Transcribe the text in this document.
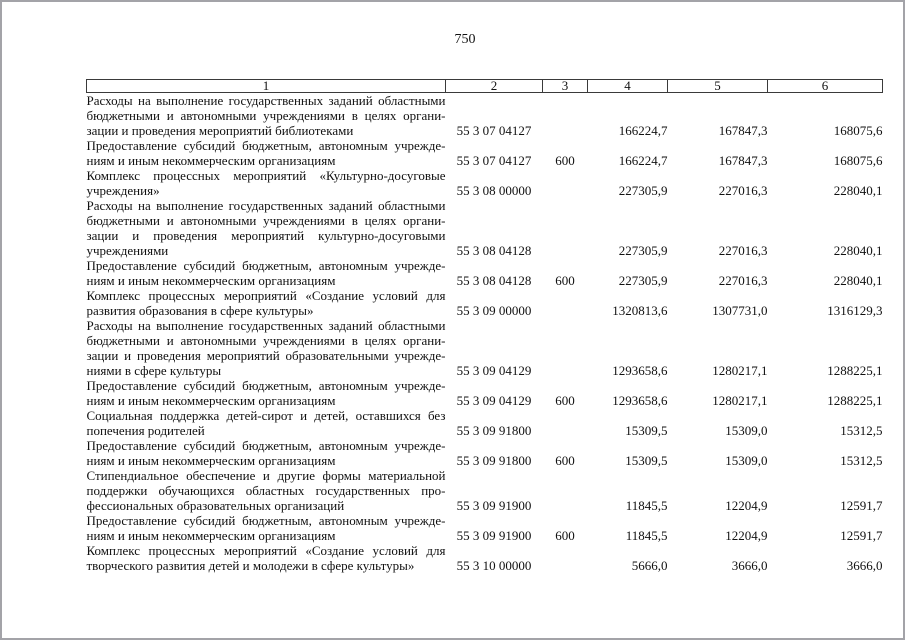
750
1	2	3	4	5	6

Расходы на выполнение государственных заданий областными
бюджетными и автономными учреждениями в целях органи-
зации и проведения мероприятий библиотеками	55 3 07 04127		166224,7	167847,3	168075,6

Предоставление субсидий бюджетным, автономным учрежде-
ниям и иным некоммерческим организациям	55 3 07 04127	600	166224,7	167847,3	168075,6

Комплекс процессных мероприятий «Культурно-досуговые
учреждения»	55 3 08 00000		227305,9	227016,3	228040,1

Расходы на выполнение государственных заданий областными
бюджетными и автономными учреждениями в целях органи-
зации и проведения мероприятий культурно-досуговыми
учреждениями	55 3 08 04128		227305,9	227016,3	228040,1

Предоставление субсидий бюджетным, автономным учрежде-
ниям и иным некоммерческим организациям	55 3 08 04128	600	227305,9	227016,3	228040,1

Комплекс процессных мероприятий «Создание условий для
развития образования в сфере культуры»	55 3 09 00000		1320813,6	1307731,0	1316129,3

Расходы на выполнение государственных заданий областными
бюджетными и автономными учреждениями в целях органи-
зации и проведения мероприятий образовательными учрежде-
ниями в сфере культуры	55 3 09 04129		1293658,6	1280217,1	1288225,1

Предоставление субсидий бюджетным, автономным учрежде-
ниям и иным некоммерческим организациям	55 3 09 04129	600	1293658,6	1280217,1	1288225,1

Социальная поддержка детей-сирот и детей, оставшихся без
попечения родителей	55 3 09 91800		15309,5	15309,0	15312,5

Предоставление субсидий бюджетным, автономным учрежде-
ниям и иным некоммерческим организациям	55 3 09 91800	600	15309,5	15309,0	15312,5

Стипендиальное обеспечение и другие формы материальной
поддержки обучающихся областных государственных про-
фессиональных образовательных организаций	55 3 09 91900		11845,5	12204,9	12591,7

Предоставление субсидий бюджетным, автономным учрежде-
ниям и иным некоммерческим организациям	55 3 09 91900	600	11845,5	12204,9	12591,7

Комплекс процессных мероприятий «Создание условий для
творческого развития детей и молодежи в сфере культуры»	55 3 10 00000		5666,0	3666,0	3666,0
